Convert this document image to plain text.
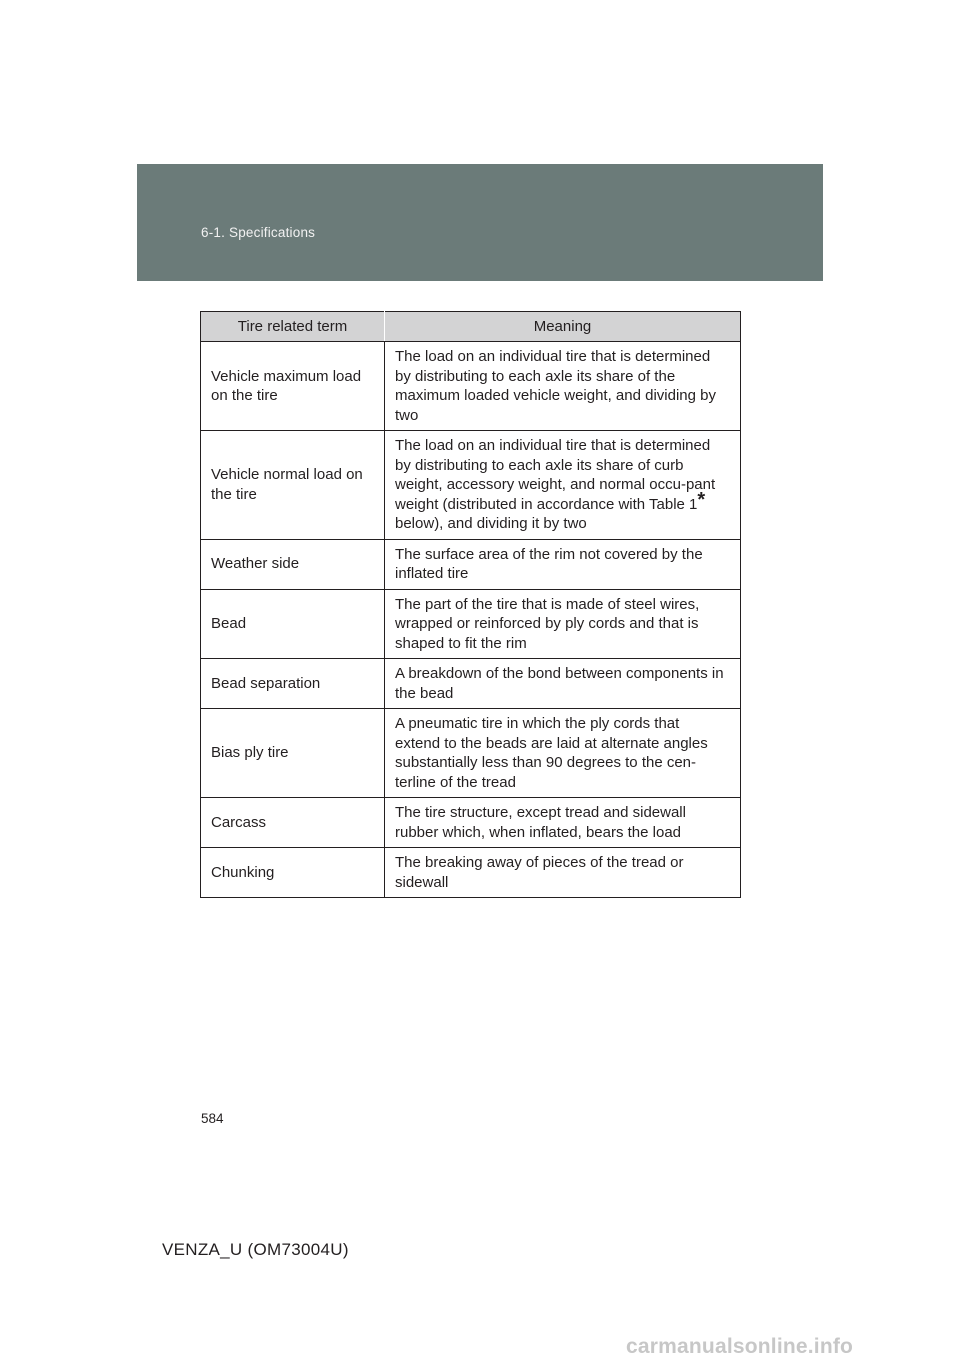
6-1. Specifications
Tire related term	Meaning
Vehicle maximum load on the tire	The load on an individual tire that is determined by distributing to each axle its share of the maximum loaded vehicle weight, and dividing by two
Vehicle normal load on the tire	The load on an individual tire that is determined by distributing to each axle its share of curb weight, accessory weight, and normal occu-pant weight (distributed in accordance with Table 1* below), and dividing it by two
Weather side	The surface area of the rim not covered by the inflated tire
Bead	The part of the tire that is made of steel wires, wrapped or reinforced by ply cords and that is shaped to fit the rim
Bead separation	A breakdown of the bond between components in the bead
Bias ply tire	A pneumatic tire in which the ply cords that extend to the beads are laid at alternate angles substantially less than 90 degrees to the cen-terline of the tread
Carcass	The tire structure, except tread and sidewall rubber which, when inflated, bears the load
Chunking	The breaking away of pieces of the tread or sidewall
584
VENZA_U (OM73004U)
carmanualsonline.info
